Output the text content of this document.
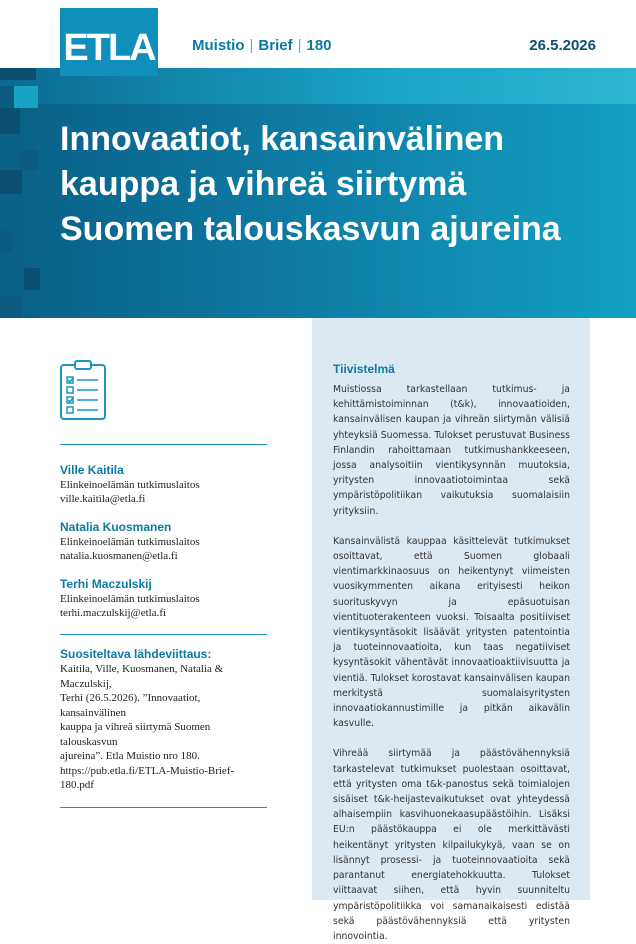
ETLA Muistio | Brief | 180	26.5.2026
Innovaatiot, kansainvälinen
kauppa ja vihreä siirtymä
Suomen talouskasvun ajureina
Ville Kaitila
Elinkeinoelämän tutkimuslaitos
ville.kaitila@etla.fi
Natalia Kuosmanen
Elinkeinoelämän tutkimuslaitos
natalia.kuosmanen@etla.fi
Terhi Maczulskij
Elinkeinoelämän tutkimuslaitos
terhi.maczulskij@etla.fi
Suositeltava lähdeviittaus:
Kaitila, Ville, Kuosmanen, Natalia & Maczulskij,
Terhi (26.5.2026). ”Innovaatiot, kansainvälinen
kauppa ja vihreä siirtymä Suomen talouskasvun
ajureina”. Etla Muistio nro 180.
https://pub.etla.fi/ETLA-Muistio-Brief-180.pdf
Tiivistelmä

Muistiossa tarkastellaan tutkimus- ja kehittämistoiminnan (t&k), innovaatioiden, kansainvälisen kaupan ja vihreän siirtymän välisiä yhteyksiä Suomessa. Tulokset perustuvat Business Finlandin rahoittamaan tutkimushankkeeseen, jossa analysoitiin vientikysynnän muutoksia, yritysten innovaatiotoimintaa sekä ympäristöpolitiikan vaikutuksia suomalaisiin yrityksiin.

Kansainvälistä kauppaa käsittelevät tutkimukset osoittavat, että Suomen globaali vientimarkkinaosuus on heikentynyt viimeisten vuosikymmenten aikana erityisesti heikon suorituskyvyn ja epäsuotuisan vientituoterakenteen vuoksi. Toisaalta positiiviset vientikysyntäsokit lisäävät yritysten patentointia ja tuoteinnovaatioita, kun taas negatiiviset kysyntäsokit vähentävät innovaatioaktiivisuutta ja vientiä. Tulokset korostavat kansainvälisen kaupan merkitystä suomalaisyritysten innovaatiokannustimille ja pitkän aikavälin kasvulle.

Vihreää siirtymää ja päästövähennyksiä tarkastelevat tutkimukset puolestaan osoittavat, että yritysten oma t&k-panostus sekä toimialojen sisäiset t&k-heijastevaikutukset ovat yhteydessä alhaisempiin kasvihuonekaasupäästöihin. Lisäksi EU:n päästökauppa ei ole merkittävästi heikentänyt yritysten kilpailukykyä, vaan se on lisännyt prosessi- ja tuoteinnovaatioita sekä parantanut energiatehokkuutta. Tulokset viittaavat siihen, että hyvin suunniteltu ympäristöpolitiikka voi samanaikaisesti edistää sekä päästövähennyksiä että yritysten innovointia.
